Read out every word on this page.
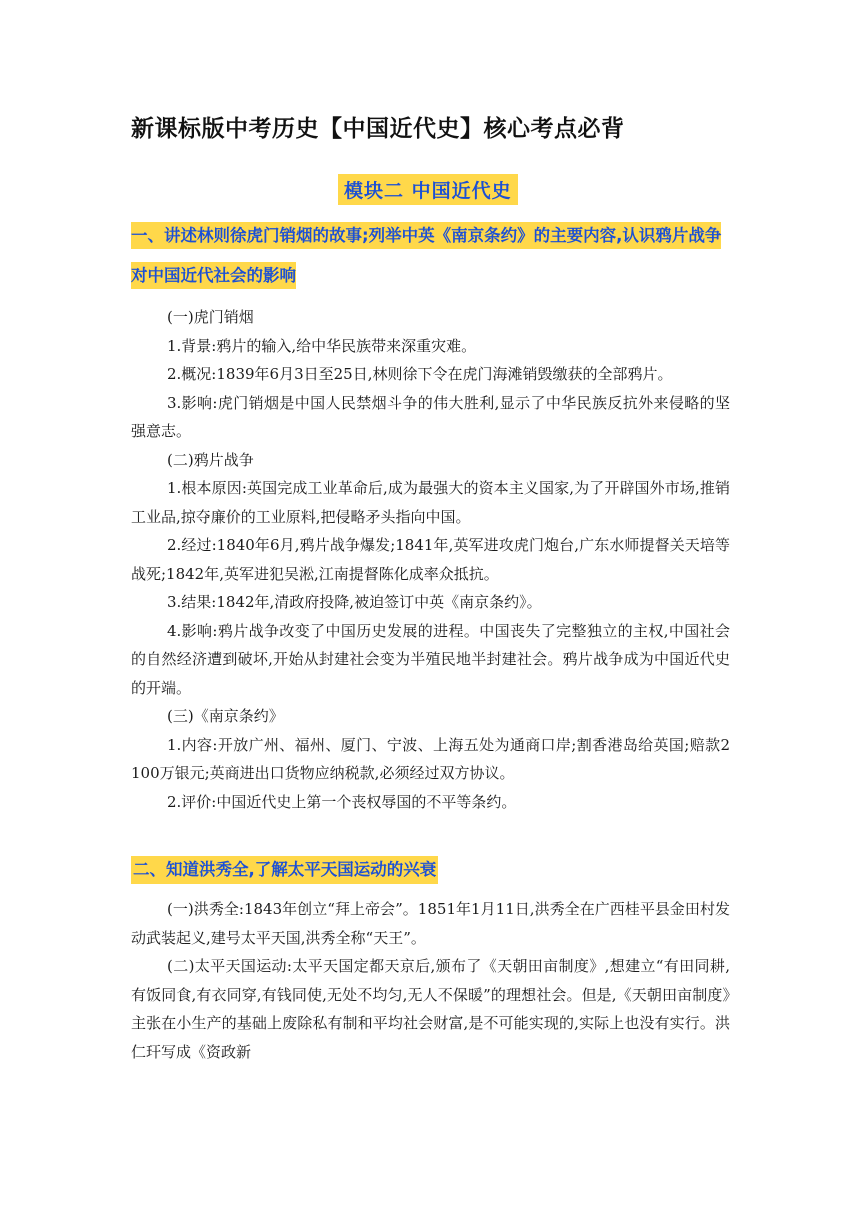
新课标版中考历史【中国近代史】核心考点必背
模块二 中国近代史
一、讲述林则徐虎门销烟的故事;列举中英《南京条约》的主要内容,认识鸦片战争对中国近代社会的影响

(一)虎门销烟

1.背景:鸦片的输入,给中华民族带来深重灾难。

2.概况:1839年6月3日至25日,林则徐下令在虎门海滩销毁缴获的全部鸦片。

3.影响:虎门销烟是中国人民禁烟斗争的伟大胜利,显示了中华民族反抗外来侵略的坚强意志。

(二)鸦片战争

1.根本原因:英国完成工业革命后,成为最强大的资本主义国家,为了开辟国外市场,推销工业品,掠夺廉价的工业原料,把侵略矛头指向中国。

2.经过:1840年6月,鸦片战争爆发;1841年,英军进攻虎门炮台,广东水师提督关天培等战死;1842年,英军进犯吴淞,江南提督陈化成率众抵抗。

3.结果:1842年,清政府投降,被迫签订中英《南京条约》。

4.影响:鸦片战争改变了中国历史发展的进程。中国丧失了完整独立的主权,中国社会的自然经济遭到破坏,开始从封建社会变为半殖民地半封建社会。鸦片战争成为中国近代史的开端。

(三)《南京条约》

1.内容:开放广州、福州、厦门、宁波、上海五处为通商口岸;割香港岛给英国;赔款2　100万银元;英商进出口货物应纳税款,必须经过双方协议。

2.评价:中国近代史上第一个丧权辱国的不平等条约。

二、知道洪秀全,了解太平天国运动的兴衰

(一)洪秀全:1843年创立“拜上帝会”。1851年1月11日,洪秀全在广西桂平县金田村发动武装起义,建号太平天国,洪秀全称“天王”。

(二)太平天国运动:太平天国定都天京后,颁布了《天朝田亩制度》,想建立“有田同耕,有饭同食,有衣同穿,有钱同使,无处不均匀,无人不保暖”的理想社会。但是,《天朝田亩制度》主张在小生产的基础上废除私有制和平均社会财富,是不可能实现的,实际上也没有实行。洪仁玕写成《资政新
